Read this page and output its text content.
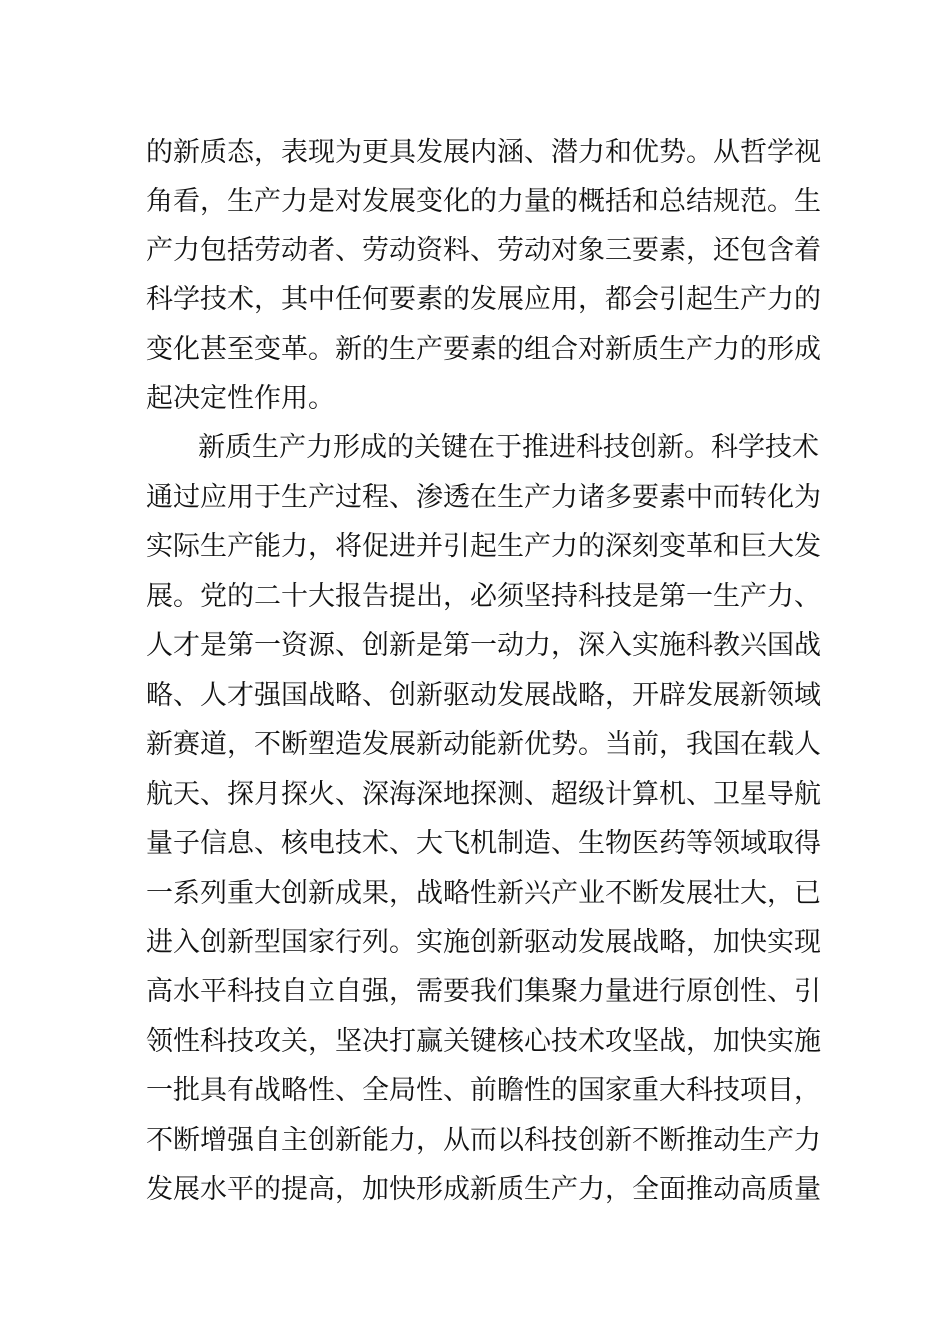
的新质态，表现为更具发展内涵、潜力和优势。从哲学视
角看，生产力是对发展变化的力量的概括和总结规范。生
产力包括劳动者、劳动资料、劳动对象三要素，还包含着
科学技术，其中任何要素的发展应用，都会引起生产力的
变化甚至变革。新的生产要素的组合对新质生产力的形成
起决定性作用。
新质生产力形成的关键在于推进科技创新。科学技术
通过应用于生产过程、渗透在生产力诸多要素中而转化为
实际生产能力，将促进并引起生产力的深刻变革和巨大发
展。党的二十大报告提出，必须坚持科技是第一生产力、
人才是第一资源、创新是第一动力，深入实施科教兴国战
略、人才强国战略、创新驱动发展战略，开辟发展新领域
新赛道，不断塑造发展新动能新优势。当前，我国在载人
航天、探月探火、深海深地探测、超级计算机、卫星导航
量子信息、核电技术、大飞机制造、生物医药等领域取得
一系列重大创新成果，战略性新兴产业不断发展壮大，已
进入创新型国家行列。实施创新驱动发展战略，加快实现
高水平科技自立自强，需要我们集聚力量进行原创性、引
领性科技攻关，坚决打赢关键核心技术攻坚战，加快实施
一批具有战略性、全局性、前瞻性的国家重大科技项目，
不断增强自主创新能力，从而以科技创新不断推动生产力
发展水平的提高，加快形成新质生产力，全面推动高质量
